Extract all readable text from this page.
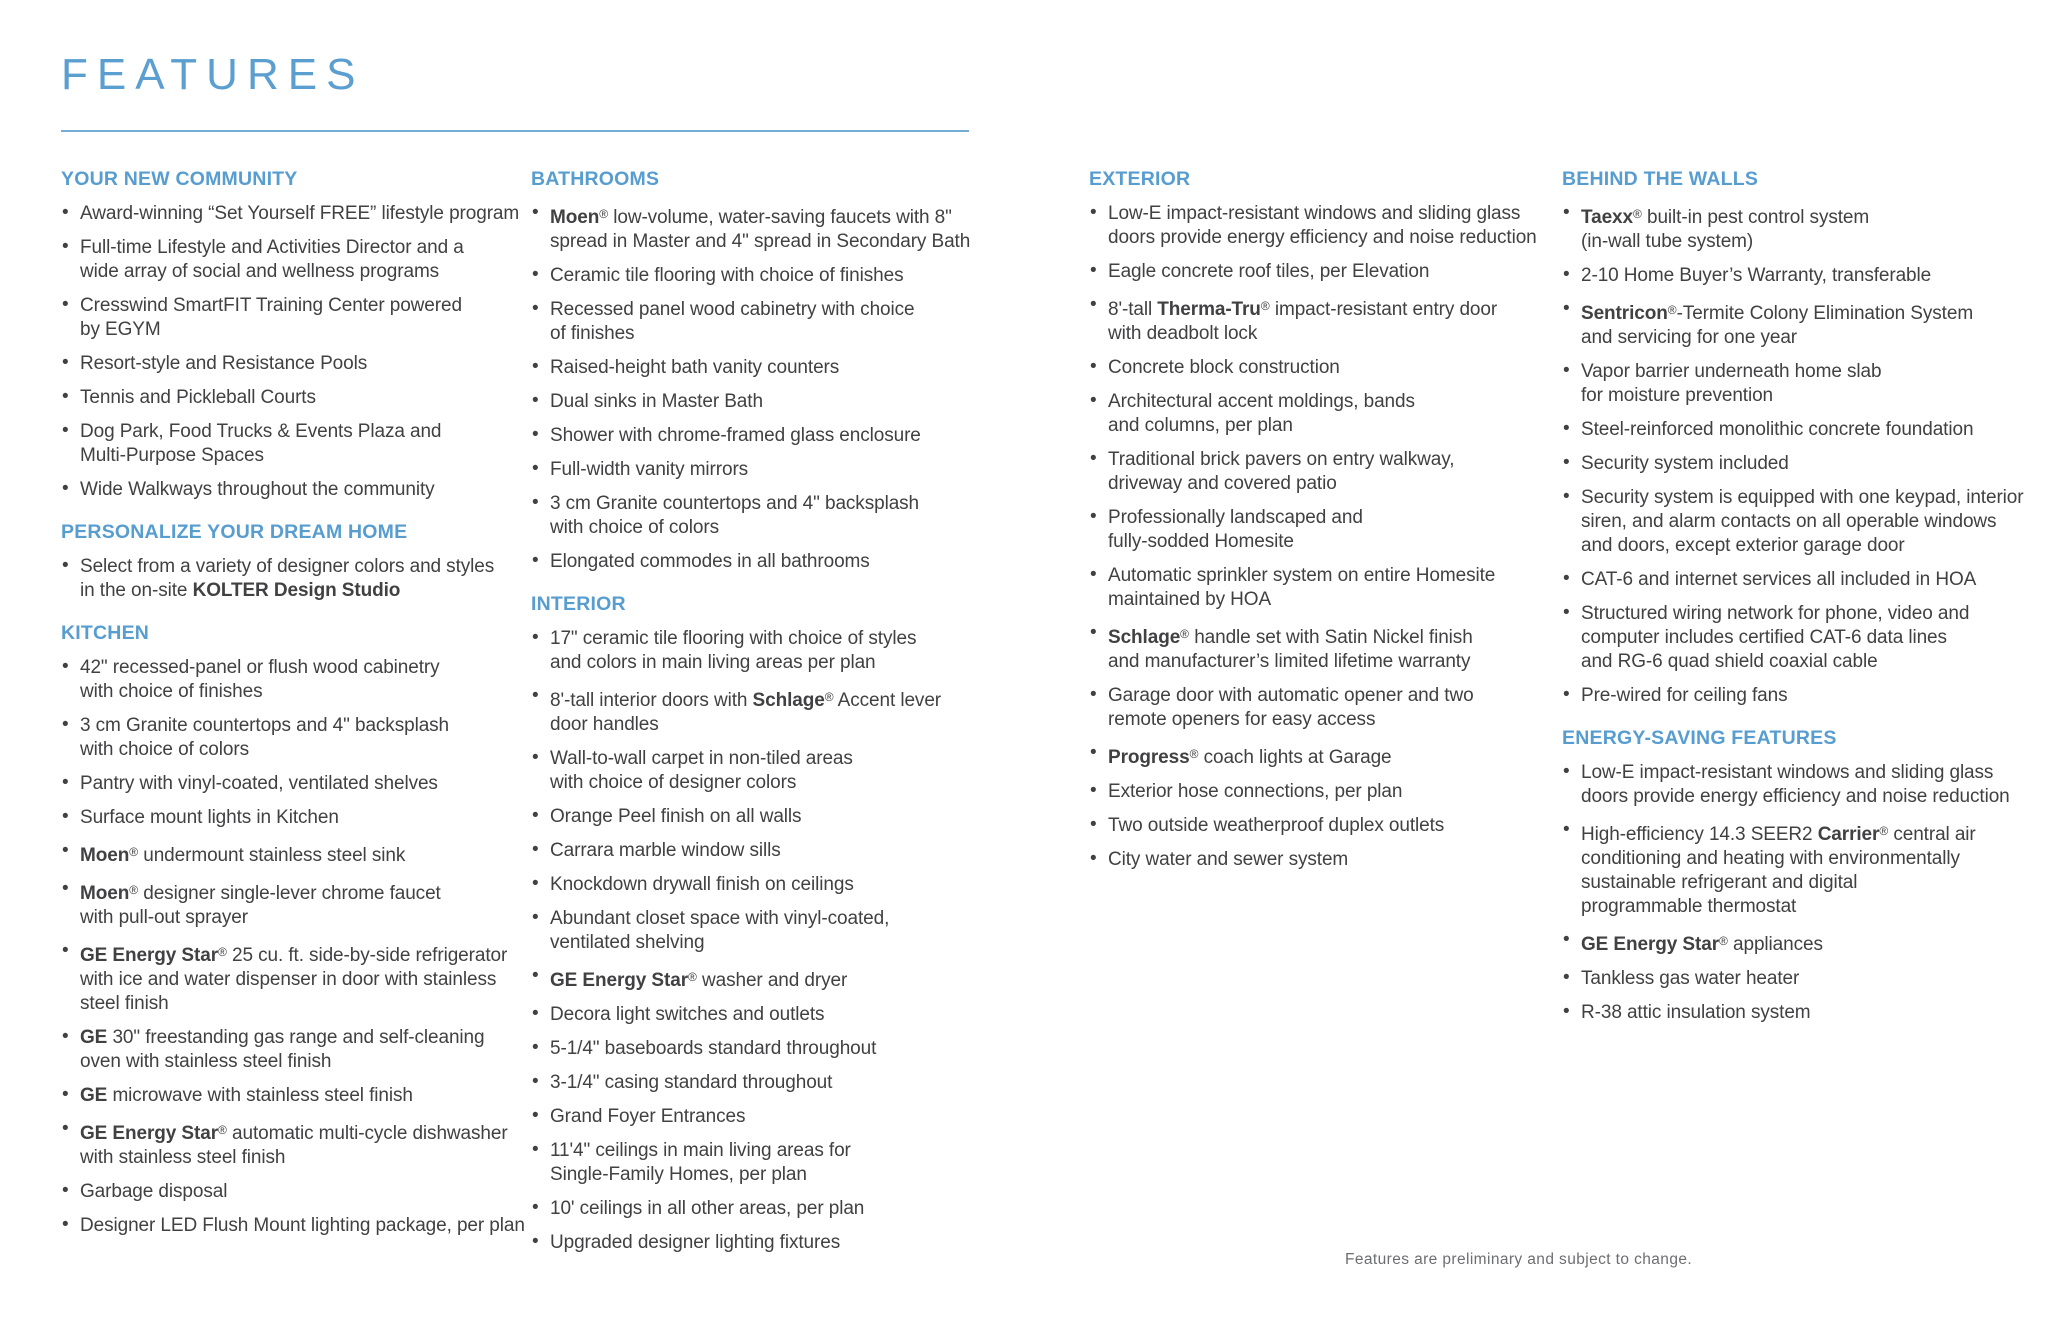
FEATURES
YOUR NEW COMMUNITY
• Award-winning “Set Yourself FREE” lifestyle program
• Full-time Lifestyle and Activities Director and a
wide array of social and wellness programs
• Cresswind SmartFIT Training Center powered
by EGYM
• Resort-style and Resistance Pools
• Tennis and Pickleball Courts
• Dog Park, Food Trucks & Events Plaza and
Multi-Purpose Spaces
• Wide Walkways throughout the community
PERSONALIZE YOUR DREAM HOME
• Select from a variety of designer colors and styles
in the on-site KOLTER Design Studio
KITCHEN
• 42" recessed-panel or flush wood cabinetry
with choice of finishes
• 3 cm Granite countertops and 4" backsplash
with choice of colors
• Pantry with vinyl-coated, ventilated shelves
• Surface mount lights in Kitchen
• Moen® undermount stainless steel sink
• Moen® designer single-lever chrome faucet
with pull-out sprayer
• GE Energy Star® 25 cu. ft. side-by-side refrigerator
with ice and water dispenser in door with stainless
steel finish
• GE 30" freestanding gas range and self-cleaning
oven with stainless steel finish
• GE microwave with stainless steel finish
• GE Energy Star® automatic multi-cycle dishwasher
with stainless steel finish
• Garbage disposal
• Designer LED Flush Mount lighting package, per plan
BATHROOMS
• Moen® low-volume, water-saving faucets with 8"
spread in Master and 4" spread in Secondary Bath
• Ceramic tile flooring with choice of finishes
• Recessed panel wood cabinetry with choice
of finishes
• Raised-height bath vanity counters
• Dual sinks in Master Bath
• Shower with chrome-framed glass enclosure
• Full-width vanity mirrors
• 3 cm Granite countertops and 4" backsplash
with choice of colors
• Elongated commodes in all bathrooms
INTERIOR
• 17" ceramic tile flooring with choice of styles
and colors in main living areas per plan
• 8'-tall interior doors with Schlage® Accent lever
door handles
• Wall-to-wall carpet in non-tiled areas
with choice of designer colors
• Orange Peel finish on all walls
• Carrara marble window sills
• Knockdown drywall finish on ceilings
• Abundant closet space with vinyl-coated,
ventilated shelving
• GE Energy Star® washer and dryer
• Decora light switches and outlets
• 5-1/4" baseboards standard throughout
• 3-1/4" casing standard throughout
• Grand Foyer Entrances
• 11'4" ceilings in main living areas for
Single-Family Homes, per plan
• 10' ceilings in all other areas, per plan
• Upgraded designer lighting fixtures
EXTERIOR
• Low-E impact-resistant windows and sliding glass
doors provide energy efficiency and noise reduction
• Eagle concrete roof tiles, per Elevation
• 8'-tall Therma-Tru® impact-resistant entry door
with deadbolt lock
• Concrete block construction
• Architectural accent moldings, bands
and columns, per plan
• Traditional brick pavers on entry walkway,
driveway and covered patio
• Professionally landscaped and
fully-sodded Homesite
• Automatic sprinkler system on entire Homesite
maintained by HOA
• Schlage® handle set with Satin Nickel finish
and manufacturer’s limited lifetime warranty
• Garage door with automatic opener and two
remote openers for easy access
• Progress® coach lights at Garage
• Exterior hose connections, per plan
• Two outside weatherproof duplex outlets
• City water and sewer system
BEHIND THE WALLS
• Taexx® built-in pest control system
(in-wall tube system)
• 2-10 Home Buyer’s Warranty, transferable
• Sentricon®-Termite Colony Elimination System
and servicing for one year
• Vapor barrier underneath home slab
for moisture prevention
• Steel-reinforced monolithic concrete foundation
• Security system included
• Security system is equipped with one keypad, interior
siren, and alarm contacts on all operable windows
and doors, except exterior garage door
• CAT-6 and internet services all included in HOA
• Structured wiring network for phone, video and
computer includes certified CAT-6 data lines
and RG-6 quad shield coaxial cable
• Pre-wired for ceiling fans
ENERGY-SAVING FEATURES
• Low-E impact-resistant windows and sliding glass
doors provide energy efficiency and noise reduction
• High-efficiency 14.3 SEER2 Carrier® central air
conditioning and heating with environmentally
sustainable refrigerant and digital
programmable thermostat
• GE Energy Star® appliances
• Tankless gas water heater
• R-38 attic insulation system
Features are preliminary and subject to change.
